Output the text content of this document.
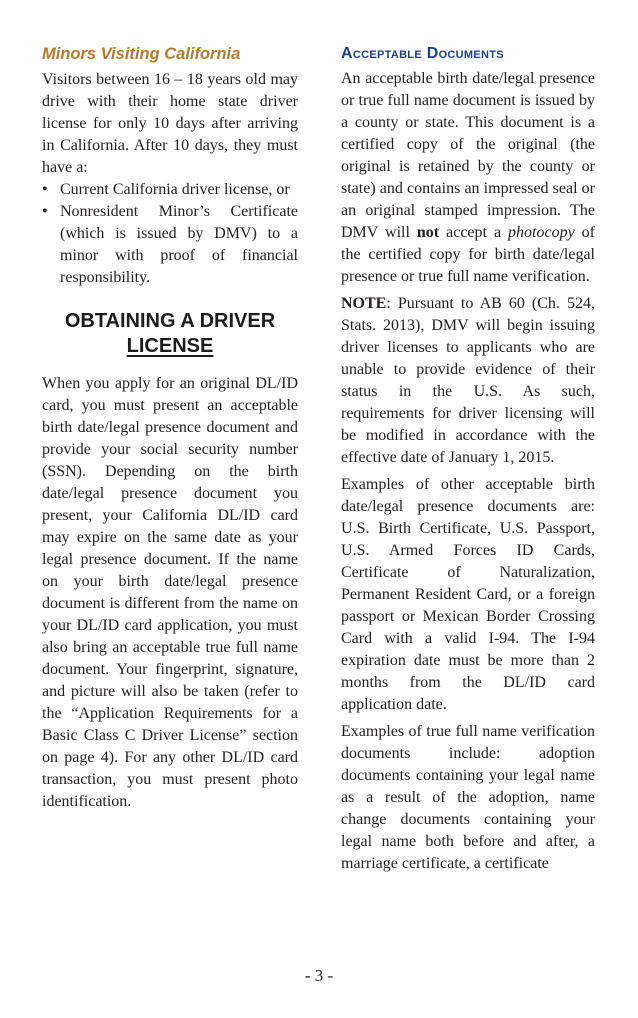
Minors Visiting California

Visitors between 16 – 18 years old may drive with their home state driver license for only 10 days after arriving in California. After 10 days, they must have a:

• Current California driver license, or
• Nonresident Minor’s Certificate (which is issued by DMV) to a minor with proof of financial responsibility.
OBTAINING A DRIVER
LICENSE

When you apply for an original DL/ID card, you must present an acceptable birth date/legal presence document and provide your social security number (SSN). Depending on the birth date/legal presence document you present, your California DL/ID card may expire on the same date as your legal presence document. If the name on your birth date/legal presence document is different from the name on your DL/ID card application, you must also bring an acceptable true full name document. Your fingerprint, signature, and picture will also be taken (refer to the “Application Requirements for a Basic Class C Driver License” section on page 4). For any other DL/ID card transaction, you must present photo identification.

Acceptable Documents

An acceptable birth date/legal presence or true full name document is issued by a county or state. This document is a certified copy of the original (the original is retained by the county or state) and contains an impressed seal or an original stamped impression. The DMV will not accept a photocopy of the certified copy for birth date/legal presence or true full name verification.

NOTE: Pursuant to AB 60 (Ch. 524, Stats. 2013), DMV will begin issuing driver licenses to applicants who are unable to provide evidence of their status in the U.S. As such, requirements for driver licensing will be modified in accordance with the effective date of January 1, 2015.

Examples of other acceptable birth date/legal presence documents are: U.S. Birth Certificate, U.S. Passport, U.S. Armed Forces ID Cards, Certificate of Naturalization, Permanent Resident Card, or a foreign passport or Mexican Border Crossing Card with a valid I-94. The I-94 expiration date must be more than 2 months from the DL/ID card application date.

Examples of true full name verification documents include: adoption documents containing your legal name as a result of the adoption, name change documents containing your legal name both before and after, a marriage certificate, a certificate

- 3 -
